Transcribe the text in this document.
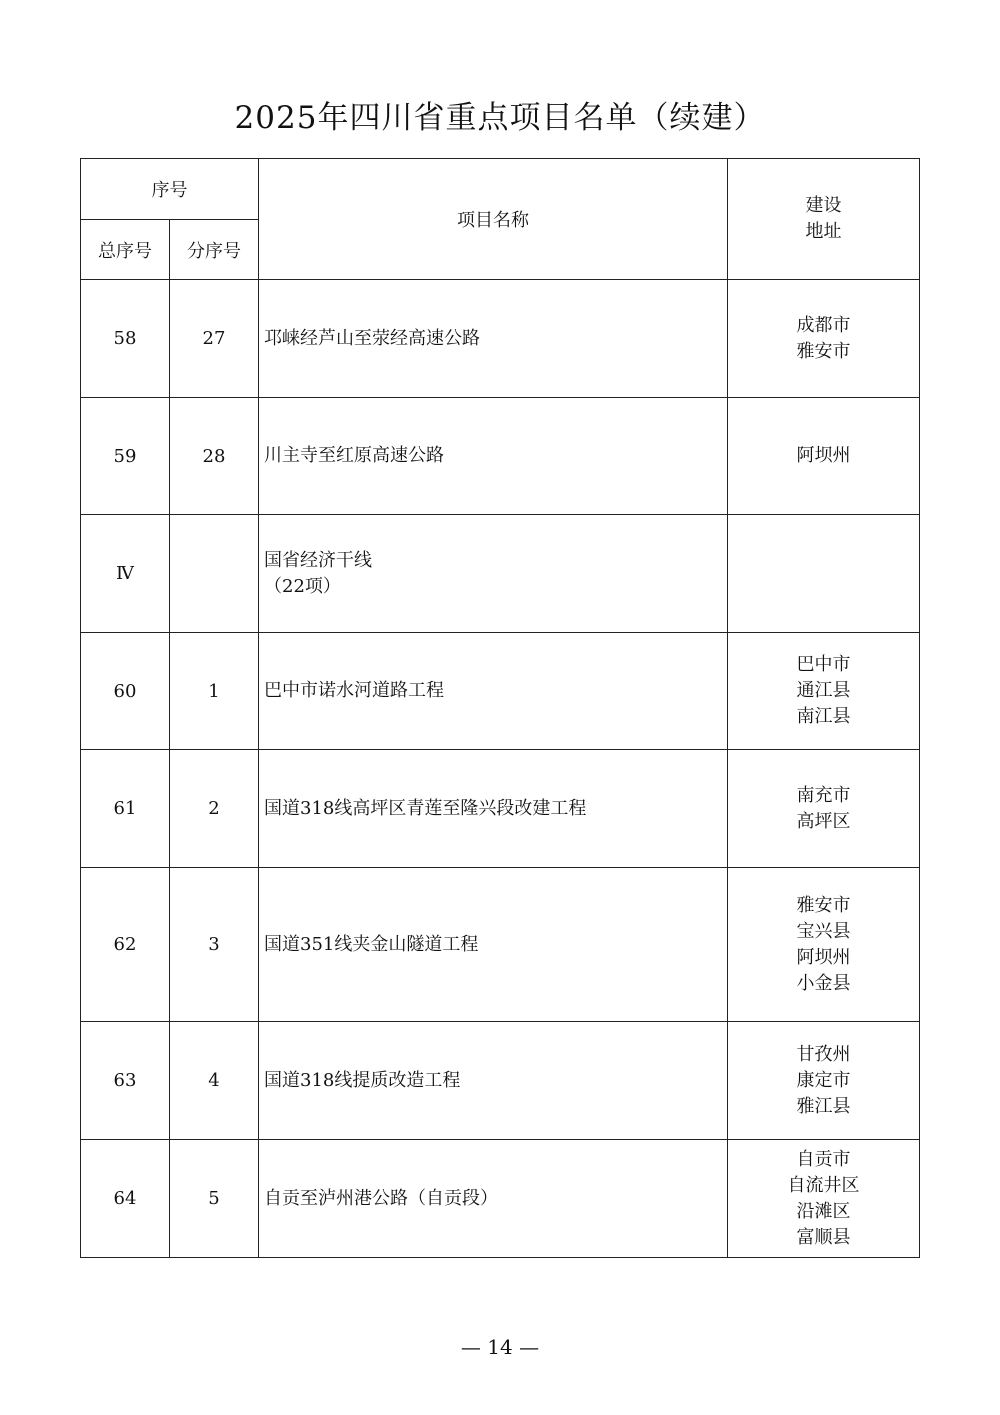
2025年四川省重点项目名单（续建）
序号		项目名称	建设
地址

总序号	分序号		
58	27	邛崃经芦山至荥经高速公路	成都市
雅安市

59	28	川主寺至红原高速公路	阿坝州

Ⅳ		国省经济干线
（22项）	

60	1	巴中市诺水河道路工程	巴中市
通江县
南江县

61	2	国道318线高坪区青莲至隆兴段改建工程	南充市
高坪区

62	3	国道351线夹金山隧道工程	雅安市
宝兴县
阿坝州
小金县

63	4	国道318线提质改造工程	甘孜州
康定市
雅江县

64	5	自贡至泸州港公路（自贡段）	自贡市
自流井区
沿滩区
富顺县
— 14 —
